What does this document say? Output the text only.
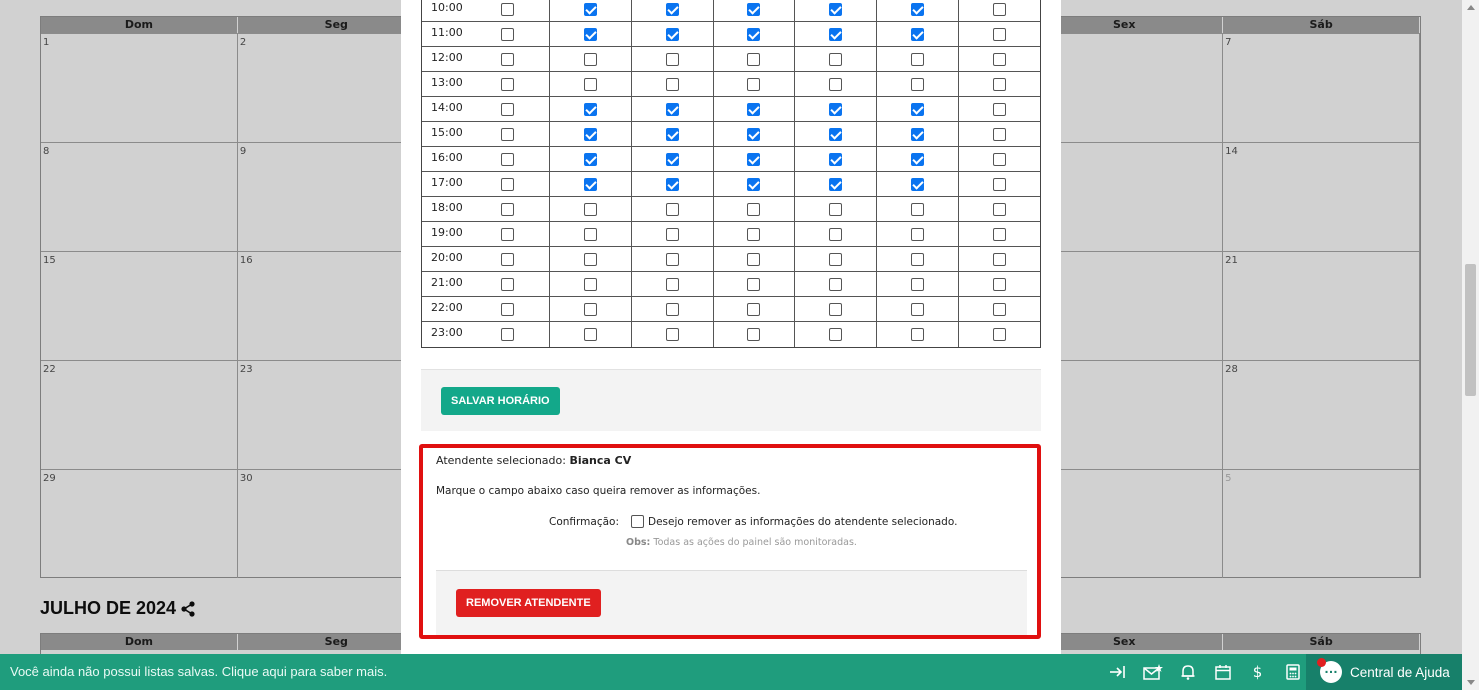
Dom	Seg	Sex	Sáb
1	2	7
8	9	14
15	16	21
22	23	28
29	30	5
JULHO DE 2024
Dom	Seg	Sex	Sáb
10:00
11:00
12:00
13:00
14:00
15:00
16:00
17:00
18:00
19:00
20:00
21:00
22:00
23:00
SALVAR HORÁRIO
Atendente selecionado: Bianca CV
Marque o campo abaixo caso queira remover as informações.
Confirmação:	Desejo remover as informações do atendente selecionado.
Obs: Todas as ações do painel são monitoradas.
REMOVER ATENDENTE
Você ainda não possui listas salvas. Clique aqui para saber mais.	$
…	Central de Ajuda
